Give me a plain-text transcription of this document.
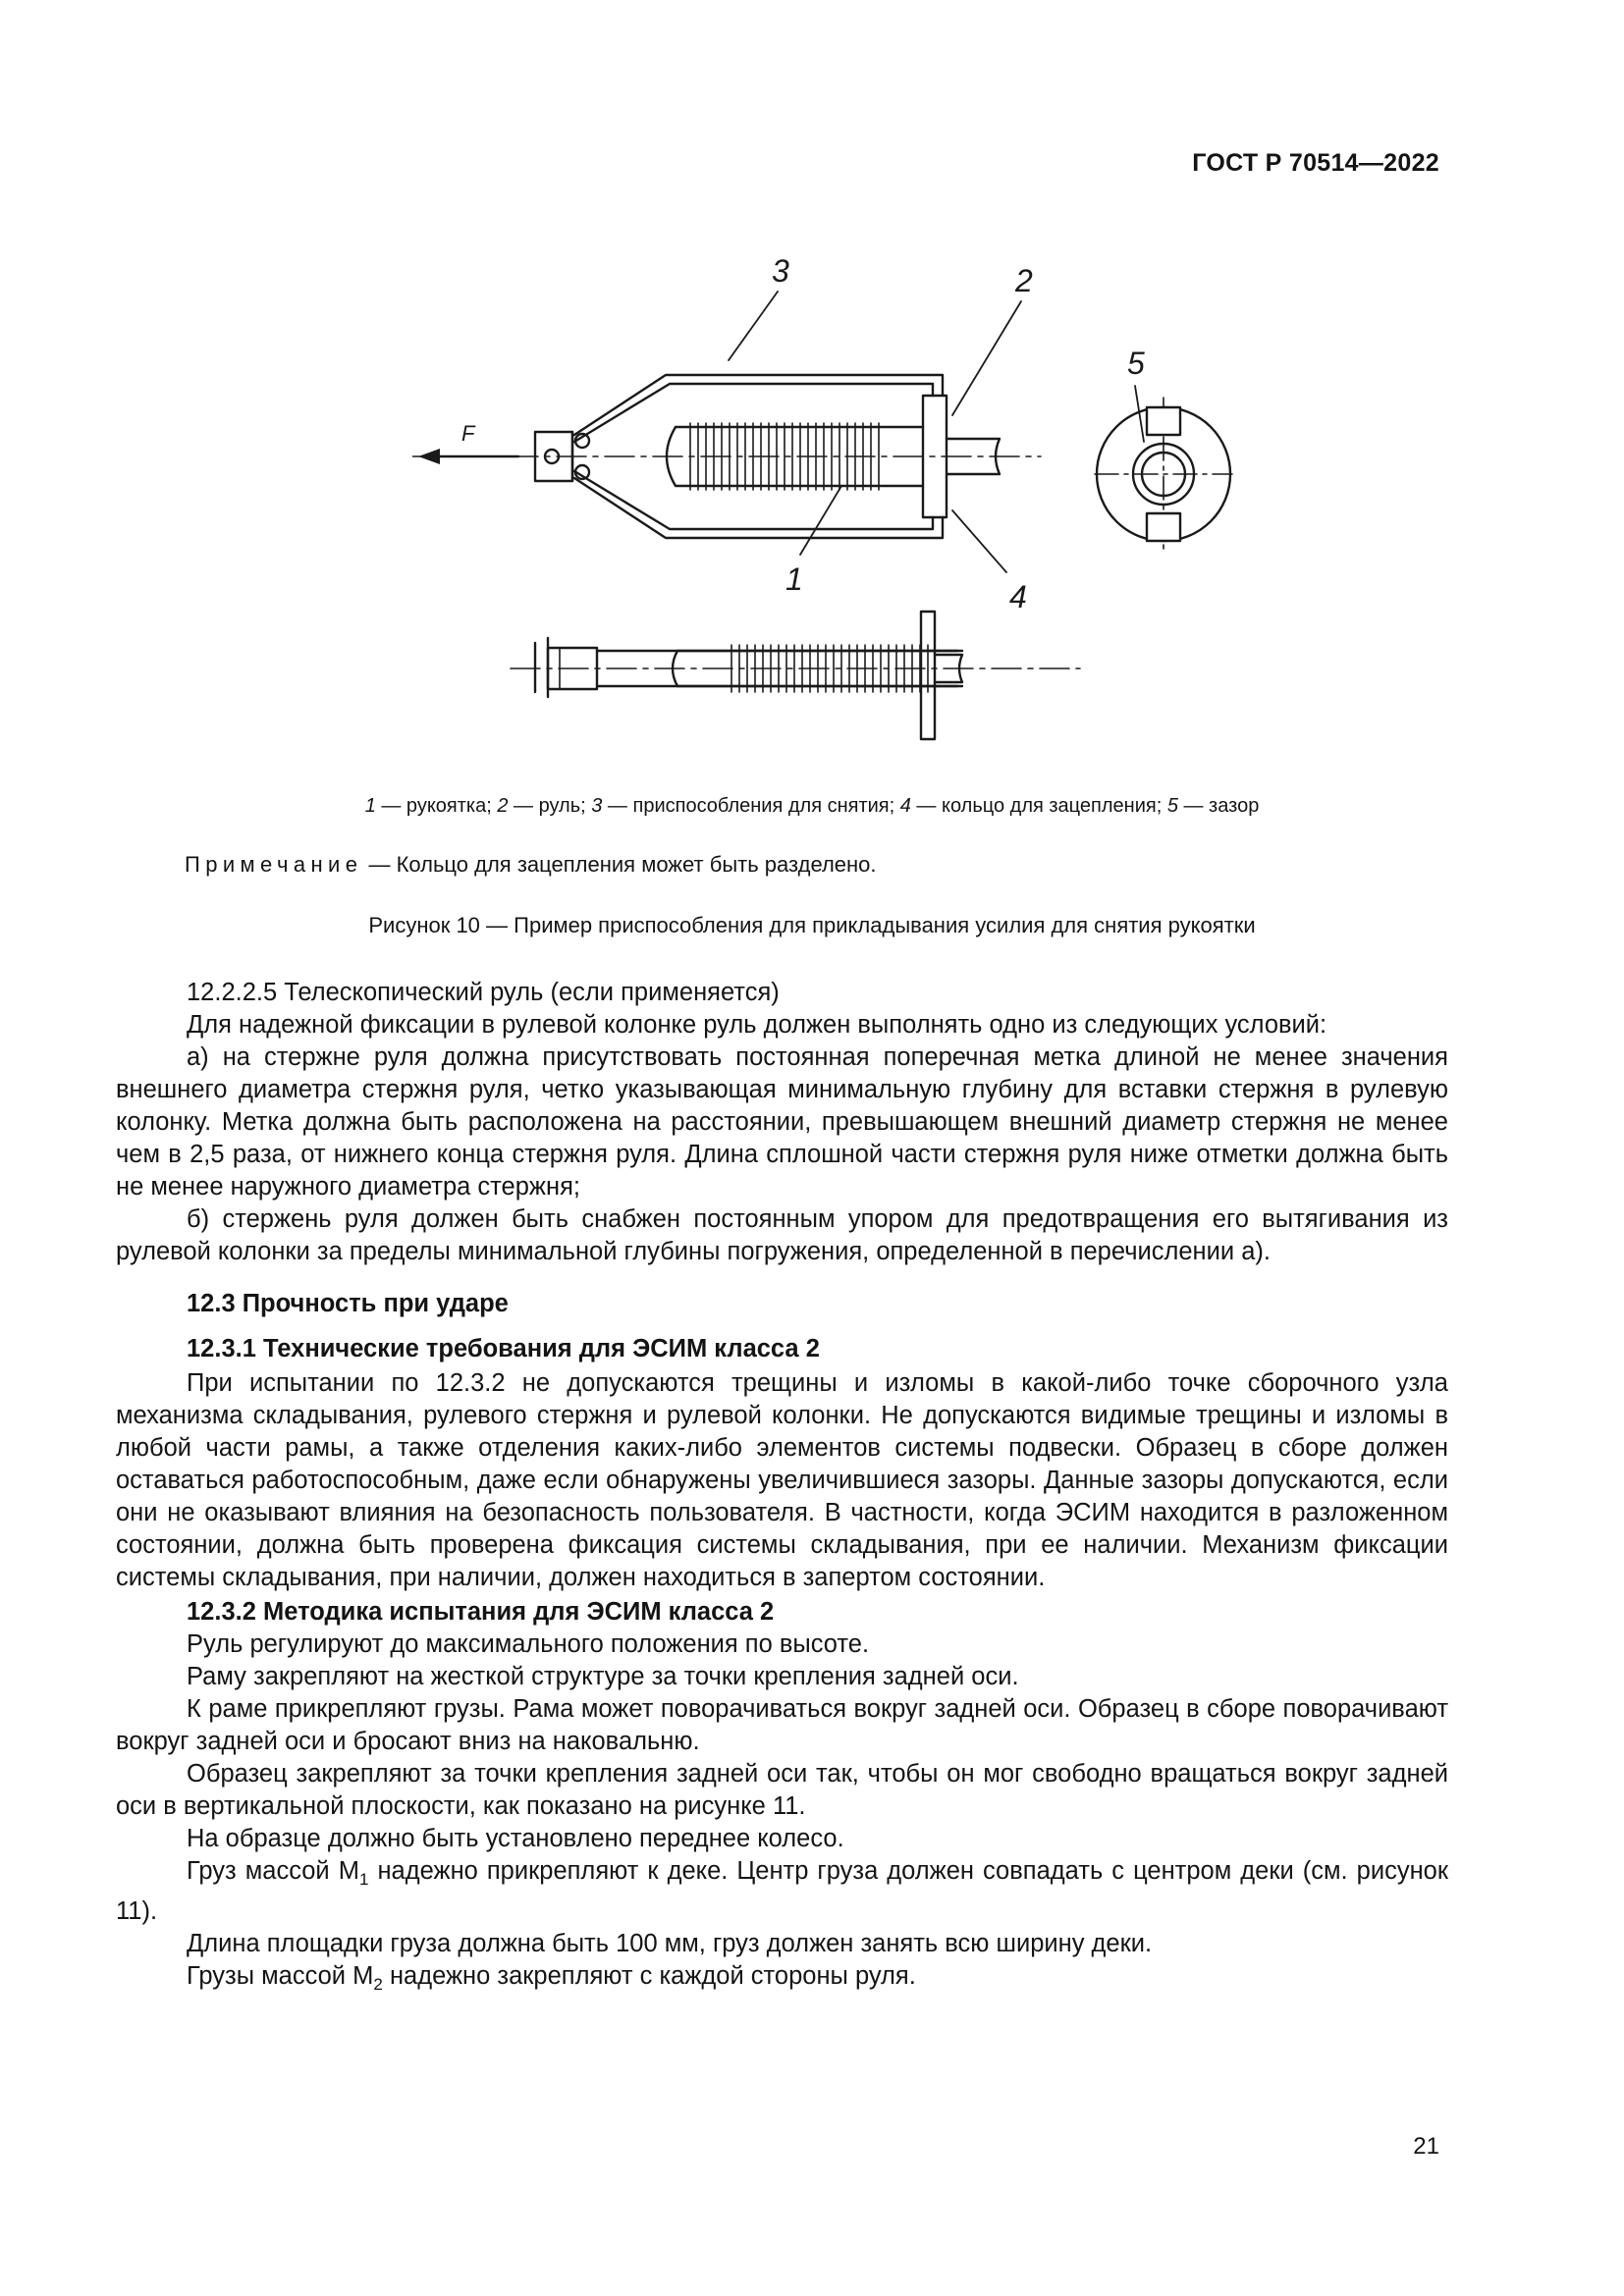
ГОСТ Р 70514—2022
3	2
5
1	4
F
1 — рукоятка; 2 — руль; 3 — приспособления для снятия; 4 — кольцо для зацепления; 5 — зазор
Примечание — Кольцо для зацепления может быть разделено.
Рисунок 10 — Пример приспособления для прикладывания усилия для снятия рукоятки

12.2.2.5 Телескопический руль (если применяется)

Для надежной фиксации в рулевой колонке руль должен выполнять одно из следующих условий:

а) на стержне руля должна присутствовать постоянная поперечная метка длиной не менее значения внешнего диаметра стержня руля, четко указывающая минимальную глубину для вставки стержня в рулевую колонку. Метка должна быть расположена на расстоянии, превышающем внешний диаметр стержня не менее чем в 2,5 раза, от нижнего конца стержня руля. Длина сплошной части стержня руля ниже отметки должна быть не менее наружного диаметра стержня;

б) стержень руля должен быть снабжен постоянным упором для предотвращения его вытягивания из рулевой колонки за пределы минимальной глубины погружения, определенной в перечислении а).

12.3 Прочность при ударе
12.3.1 Технические требования для ЭСИМ класса 2

При испытании по 12.3.2 не допускаются трещины и изломы в какой-либо точке сборочного узла механизма складывания, рулевого стержня и рулевой колонки. Не допускаются видимые трещины и изломы в любой части рамы, а также отделения каких-либо элементов системы подвески. Образец в сборе должен оставаться работоспособным, даже если обнаружены увеличившиеся зазоры. Данные зазоры допускаются, если они не оказывают влияния на безопасность пользователя. В частности, когда ЭСИМ находится в разложенном состоянии, должна быть проверена фиксация системы складывания, при ее наличии. Механизм фиксации системы складывания, при наличии, должен находиться в запертом состоянии.

12.3.2 Методика испытания для ЭСИМ класса 2

Руль регулируют до максимального положения по высоте.

Раму закрепляют на жесткой структуре за точки крепления задней оси.

К раме прикрепляют грузы. Рама может поворачиваться вокруг задней оси. Образец в сборе поворачивают вокруг задней оси и бросают вниз на наковальню.

Образец закрепляют за точки крепления задней оси так, чтобы он мог свободно вращаться вокруг задней оси в вертикальной плоскости, как показано на рисунке 11.

На образце должно быть установлено переднее колесо.

Груз массой $М_1$ надежно прикрепляют к деке. Центр груза должен совпадать с центром деки (см. рисунок 11).

Длина площадки груза должна быть 100 мм, груз должен занять всю ширину деки.

Грузы массой $М_2$ надежно закрепляют с каждой стороны руля.

21
